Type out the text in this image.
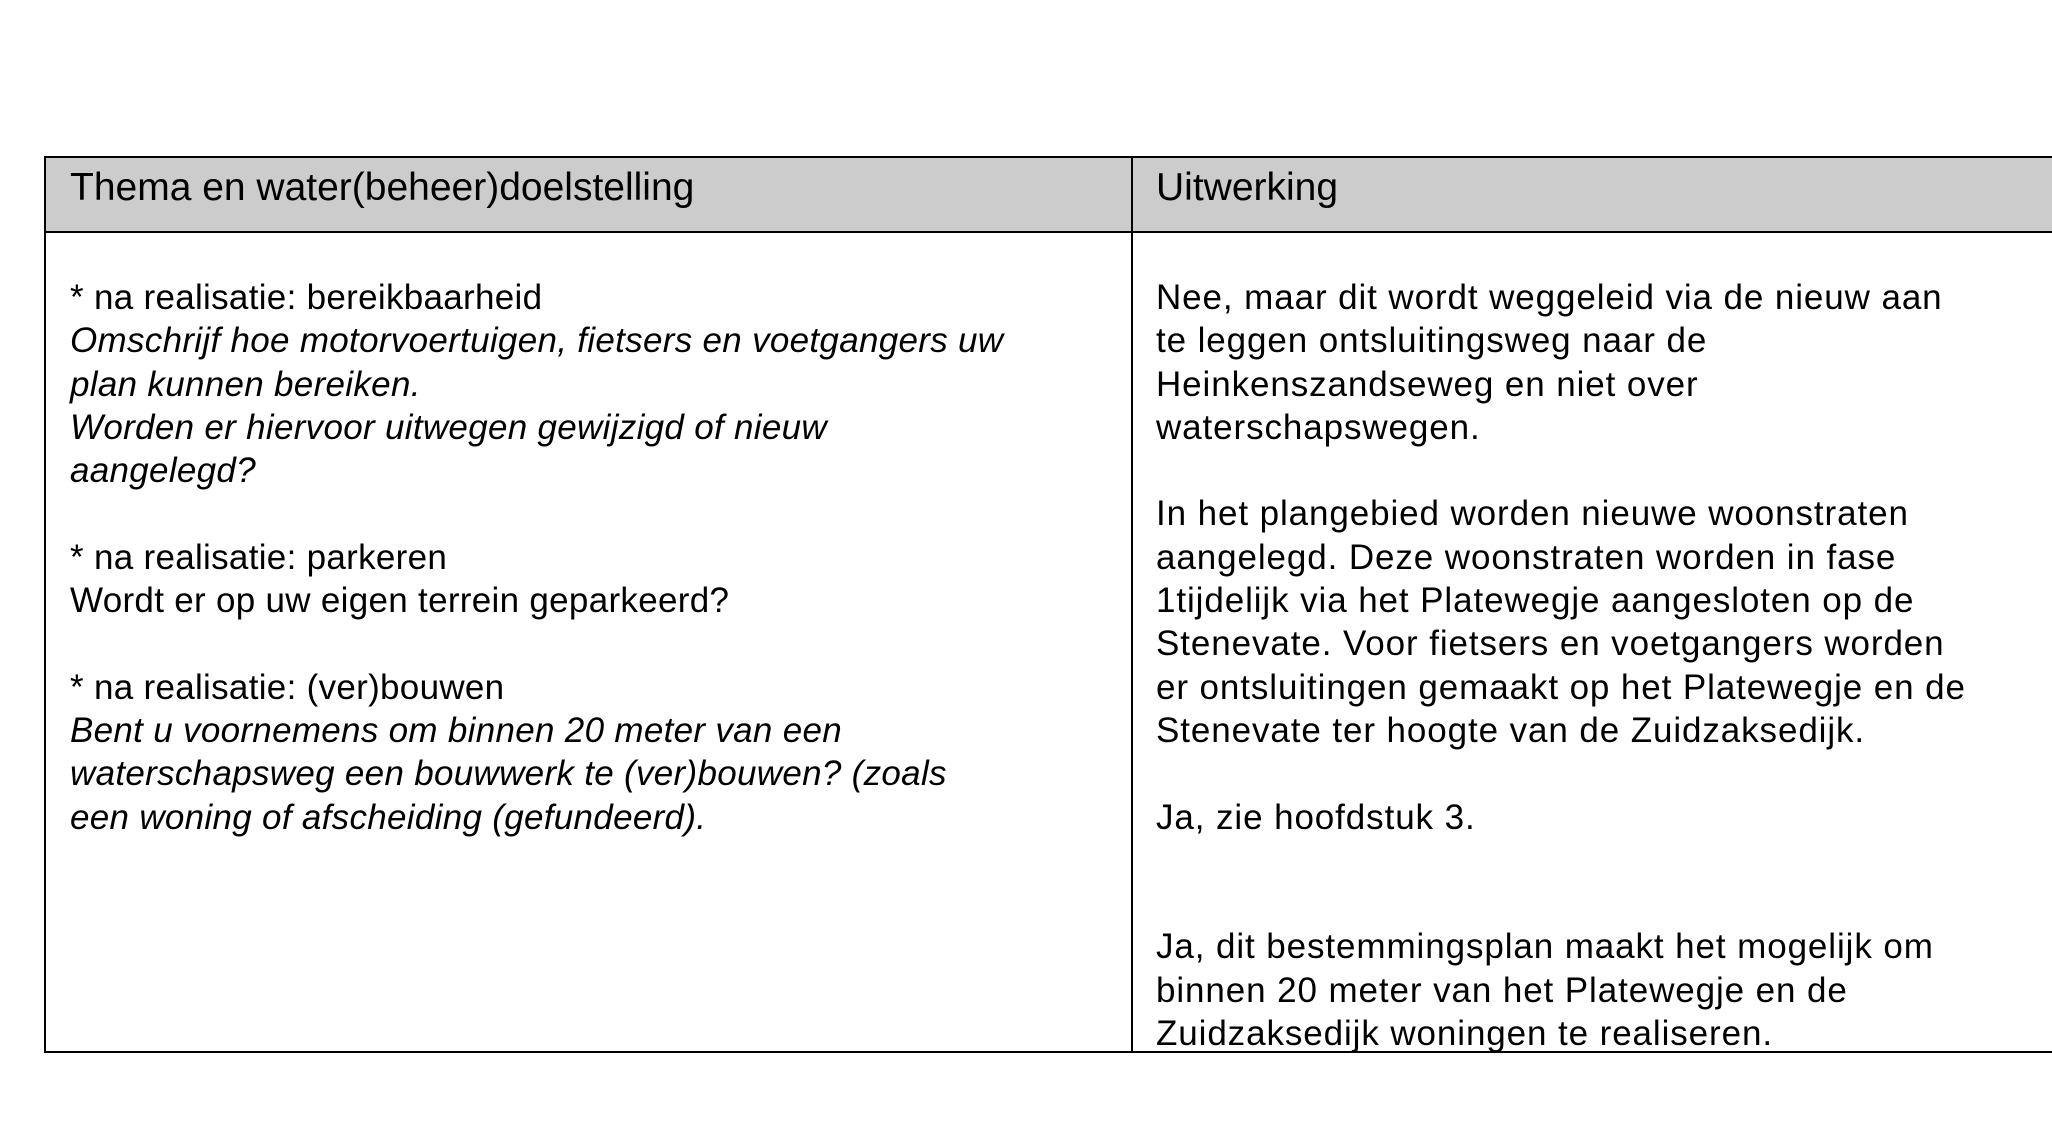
Thema en water(beheer)doelstelling	Uitwerking
* na realisatie: bereikbaarheid
Omschrijf hoe motorvoertuigen, fietsers en voetgangers uw
plan kunnen bereiken.
Worden er hiervoor uitwegen gewijzigd of nieuw
aangelegd?
* na realisatie: parkeren
Wordt er op uw eigen terrein geparkeerd?
* na realisatie: (ver)bouwen
Bent u voornemens om binnen 20 meter van een
waterschapsweg een bouwwerk te (ver)bouwen? (zoals
een woning of afscheiding (gefundeerd).
Nee, maar dit wordt weggeleid via de nieuw aan
te leggen ontsluitingsweg naar de
Heinkenszandseweg en niet over
waterschapswegen.
In het plangebied worden nieuwe woonstraten
aangelegd. Deze woonstraten worden in fase
1tijdelijk via het Platewegje aangesloten op de
Stenevate. Voor fietsers en voetgangers worden
er ontsluitingen gemaakt op het Platewegje en de
Stenevate ter hoogte van de Zuidzaksedijk.
Ja, zie hoofdstuk 3.
Ja, dit bestemmingsplan maakt het mogelijk om
binnen 20 meter van het Platewegje en de
Zuidzaksedijk woningen te realiseren.
